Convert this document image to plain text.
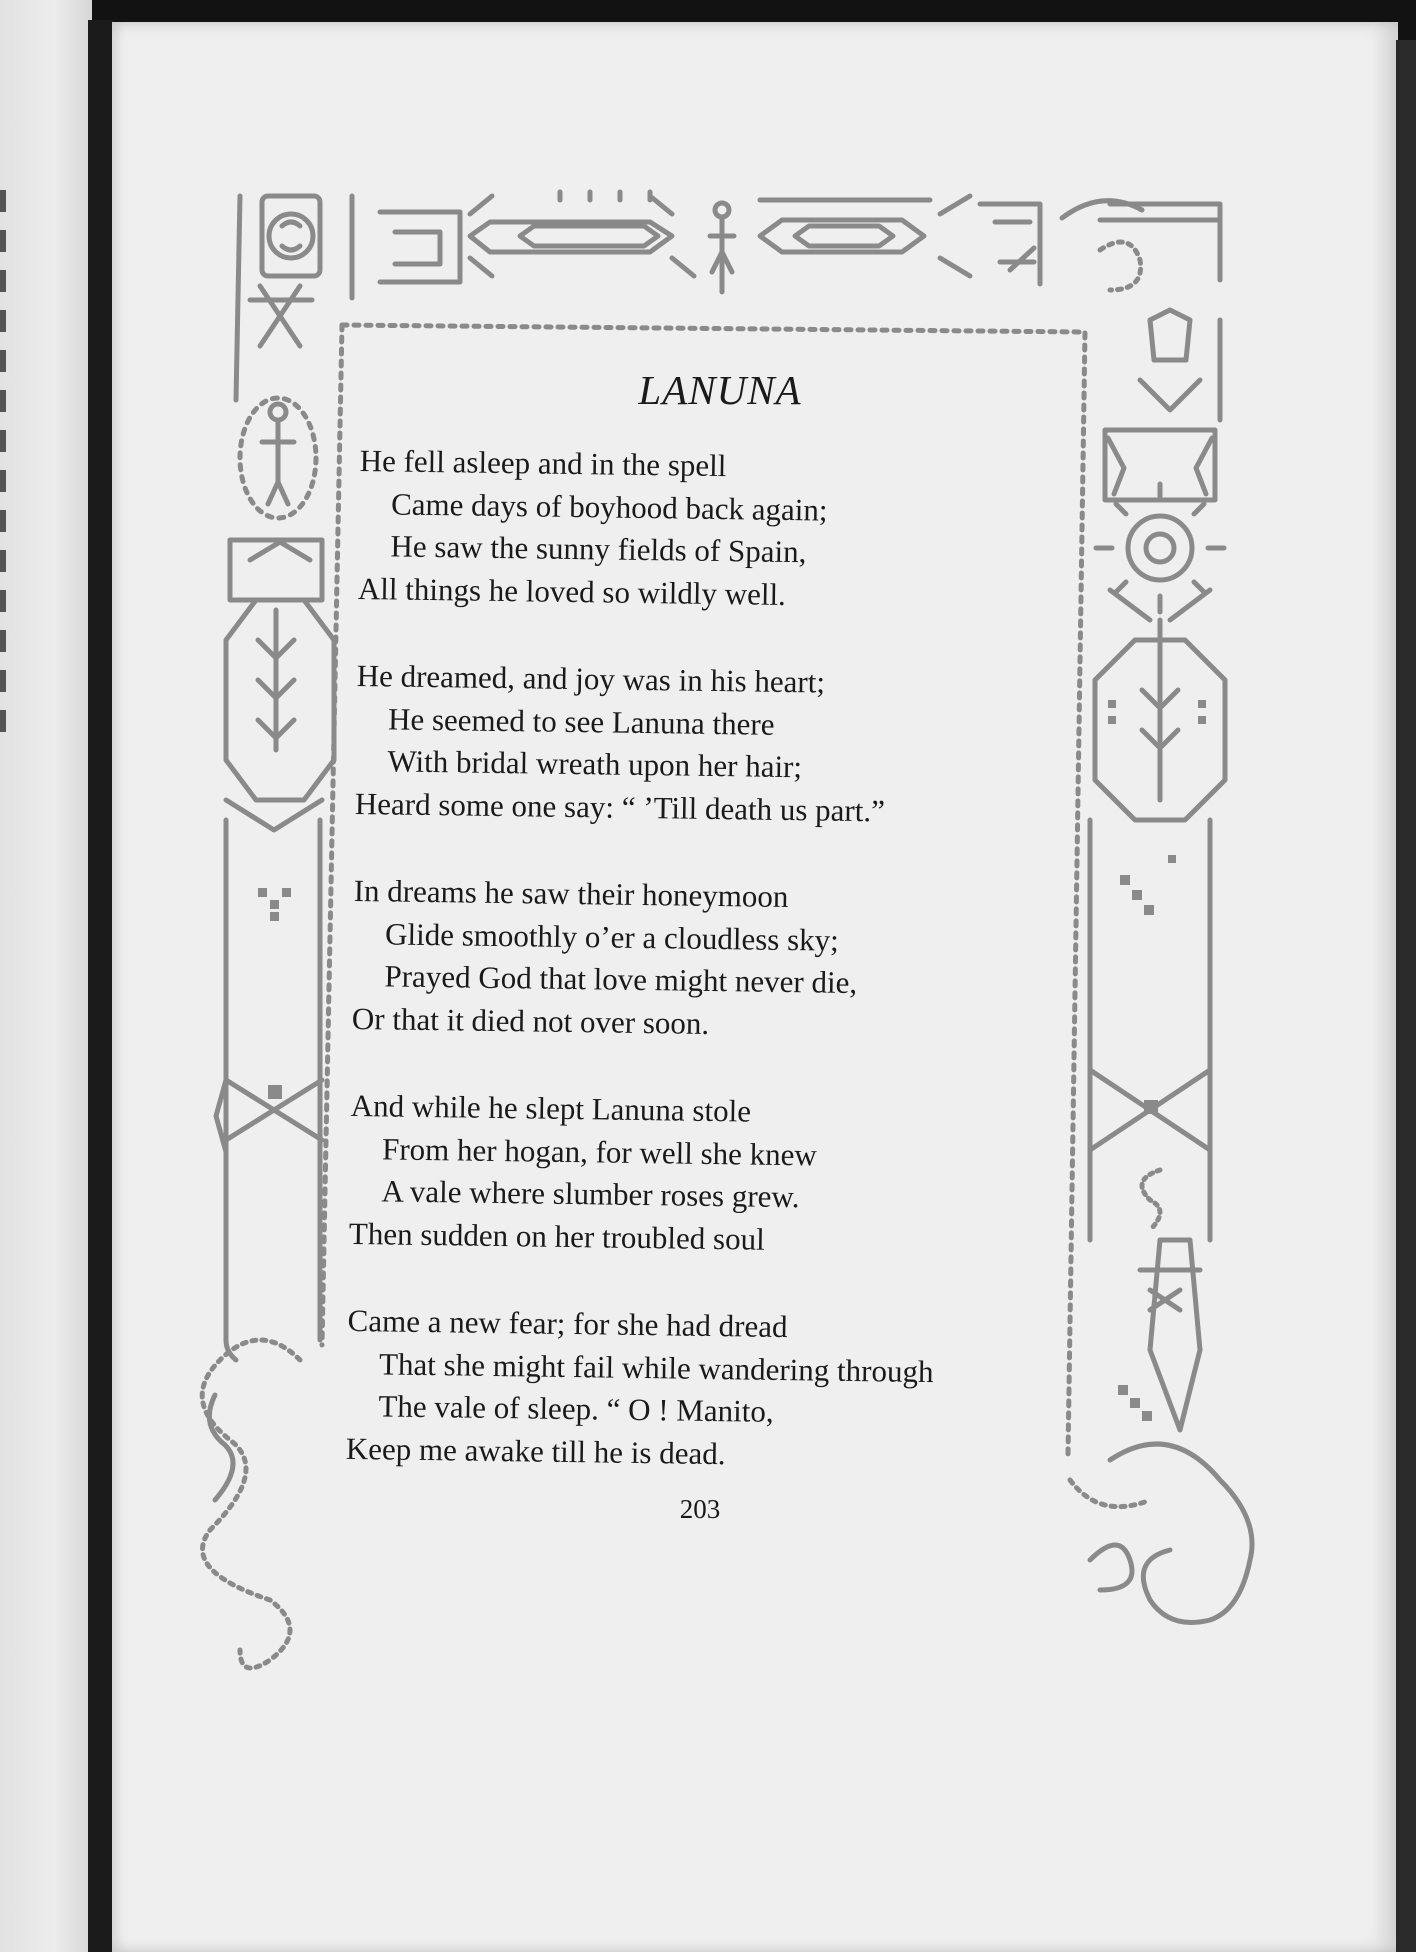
LANUNA
He fell asleep and in the spell
Came days of boyhood back again;
He saw the sunny fields of Spain,
All things he loved so wildly well.
He dreamed, and joy was in his heart;
He seemed to see Lanuna there
With bridal wreath upon her hair;
Heard some one say: “ ’Till death us part.”
In dreams he saw their honeymoon
Glide smoothly o’er a cloudless sky;
Prayed God that love might never die,
Or that it died not over soon.
And while he slept Lanuna stole
From her hogan, for well she knew
A vale where slumber roses grew.
Then sudden on her troubled soul
Came a new fear; for she had dread
That she might fail while wandering through
The vale of sleep. “ O ! Manito,
Keep me awake till he is dead.
203
